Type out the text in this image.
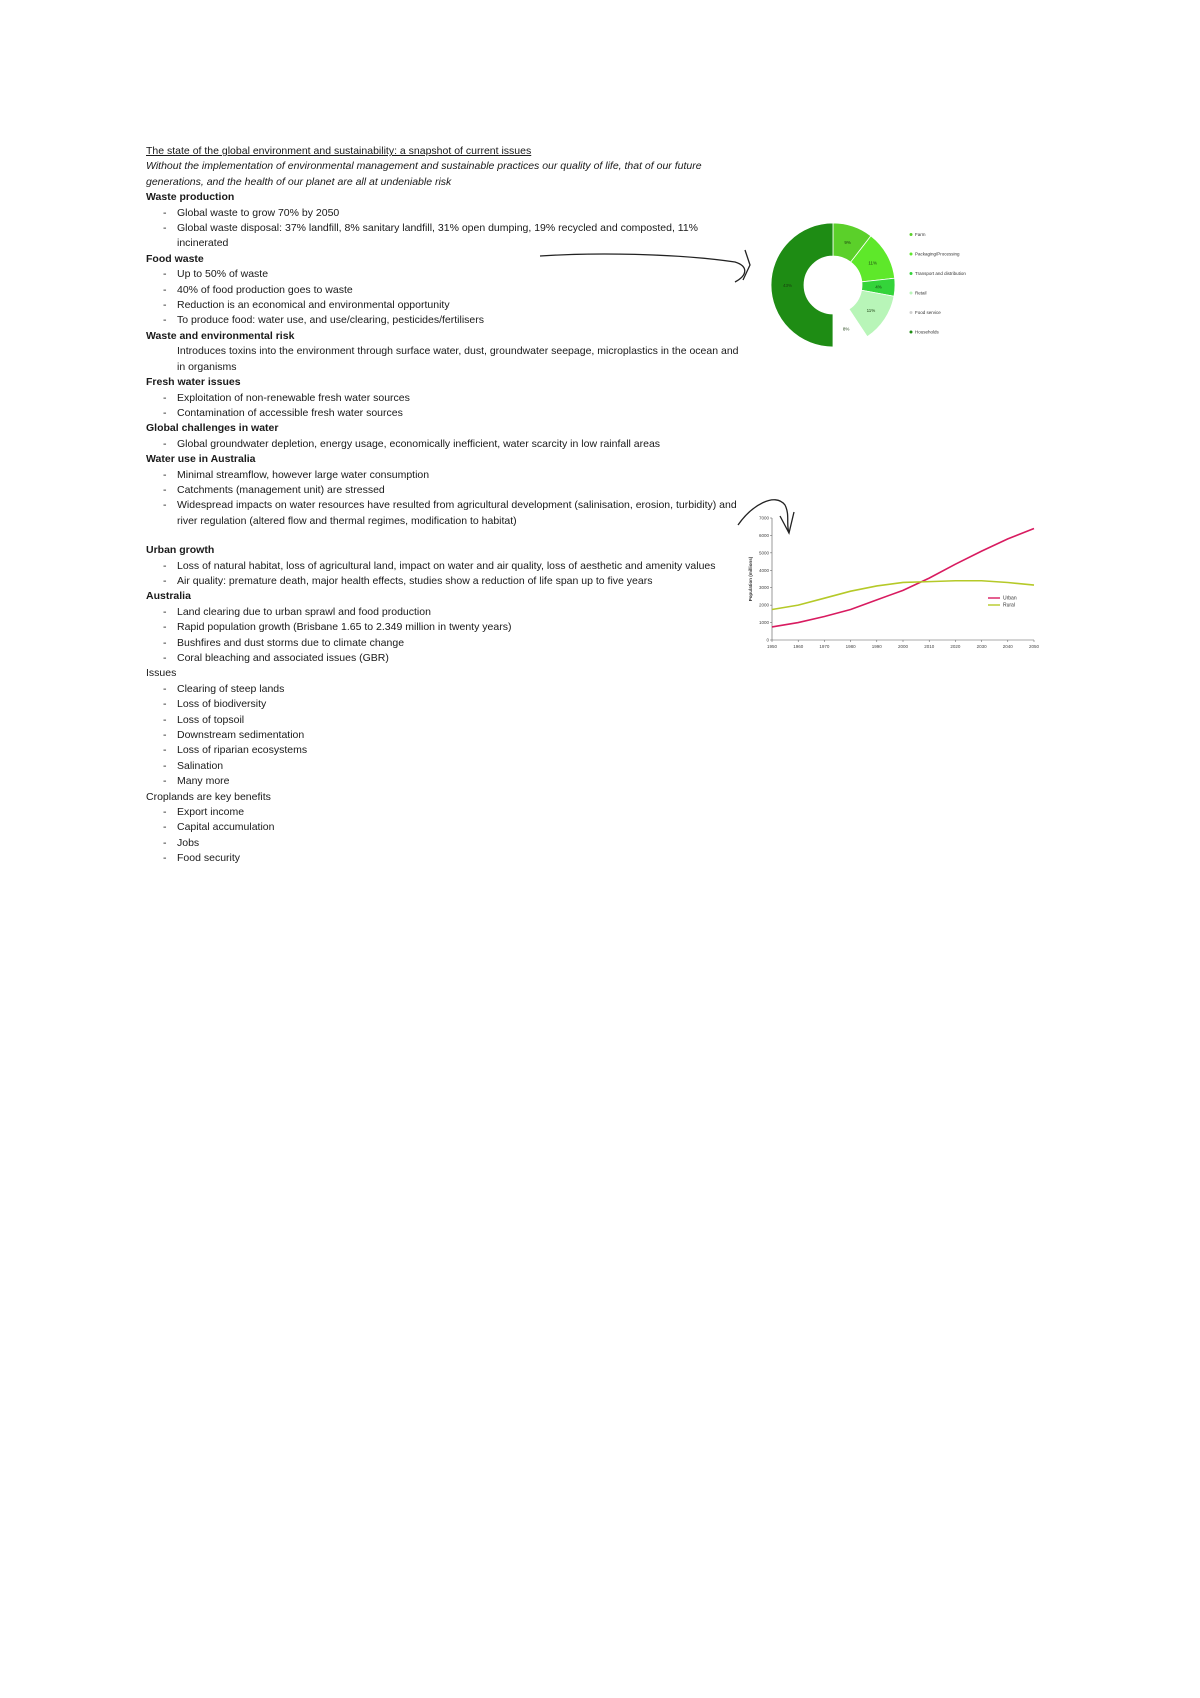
The state of the global environment and sustainability: a snapshot of current issues
Without the implementation of environmental management and sustainable practices our quality of life, that of our future generations, and the health of our planet are all at undeniable risk
Waste production
- Global waste to grow 70% by 2050
- Global waste disposal: 37% landfill, 8% sanitary landfill, 31% open dumping, 19% recycled and composted, 11% incinerated
Food waste
- Up to 50% of waste
- 40% of food production goes to waste
- Reduction is an economical and environmental opportunity
- To produce food: water use, and use/clearing, pesticides/fertilisers
Waste and environmental risk
Introduces toxins into the environment through surface water, dust, groundwater seepage, microplastics in the ocean and in organisms
Fresh water issues
- Exploitation of non-renewable fresh water sources
- Contamination of accessible fresh water sources
Global challenges in water
- Global groundwater depletion, energy usage, economically inefficient, water scarcity in low rainfall areas
Water use in Australia
- Minimal streamflow, however large water consumption
- Catchments (management unit) are stressed
- Widespread impacts on water resources have resulted from agricultural development (salinisation, erosion, turbidity) and river regulation (altered flow and thermal regimes, modification to habitat)
Urban growth
- Loss of natural habitat, loss of agricultural land, impact on water and air quality, loss of aesthetic and amenity values
- Air quality: premature death, major health effects, studies show a reduction of life span up to five years
Australia
- Land clearing due to urban sprawl and food production
- Rapid population growth (Brisbane 1.65 to 2.349 million in twenty years)
- Bushfires and dust storms due to climate change
- Coral bleaching and associated issues (GBR)
Issues
- Clearing of steep lands
- Loss of biodiversity
- Loss of topsoil
- Downstream sedimentation
- Loss of riparian ecosystems
- Salination
- Many more
Croplands are key benefits
- Export income
- Capital accumulation
- Jobs
- Food security
9%
11%
4%
11%
8%
43%
Farm
Packaging/Processing
Transport and distribution
Retail
Food service
Households
0
1000
2000
3000
4000
5000
6000
7000
1950	1960	1970	1980	1990	2000	2010	2020	2030	2040	2050
Population (millions)	Urban
Rural
